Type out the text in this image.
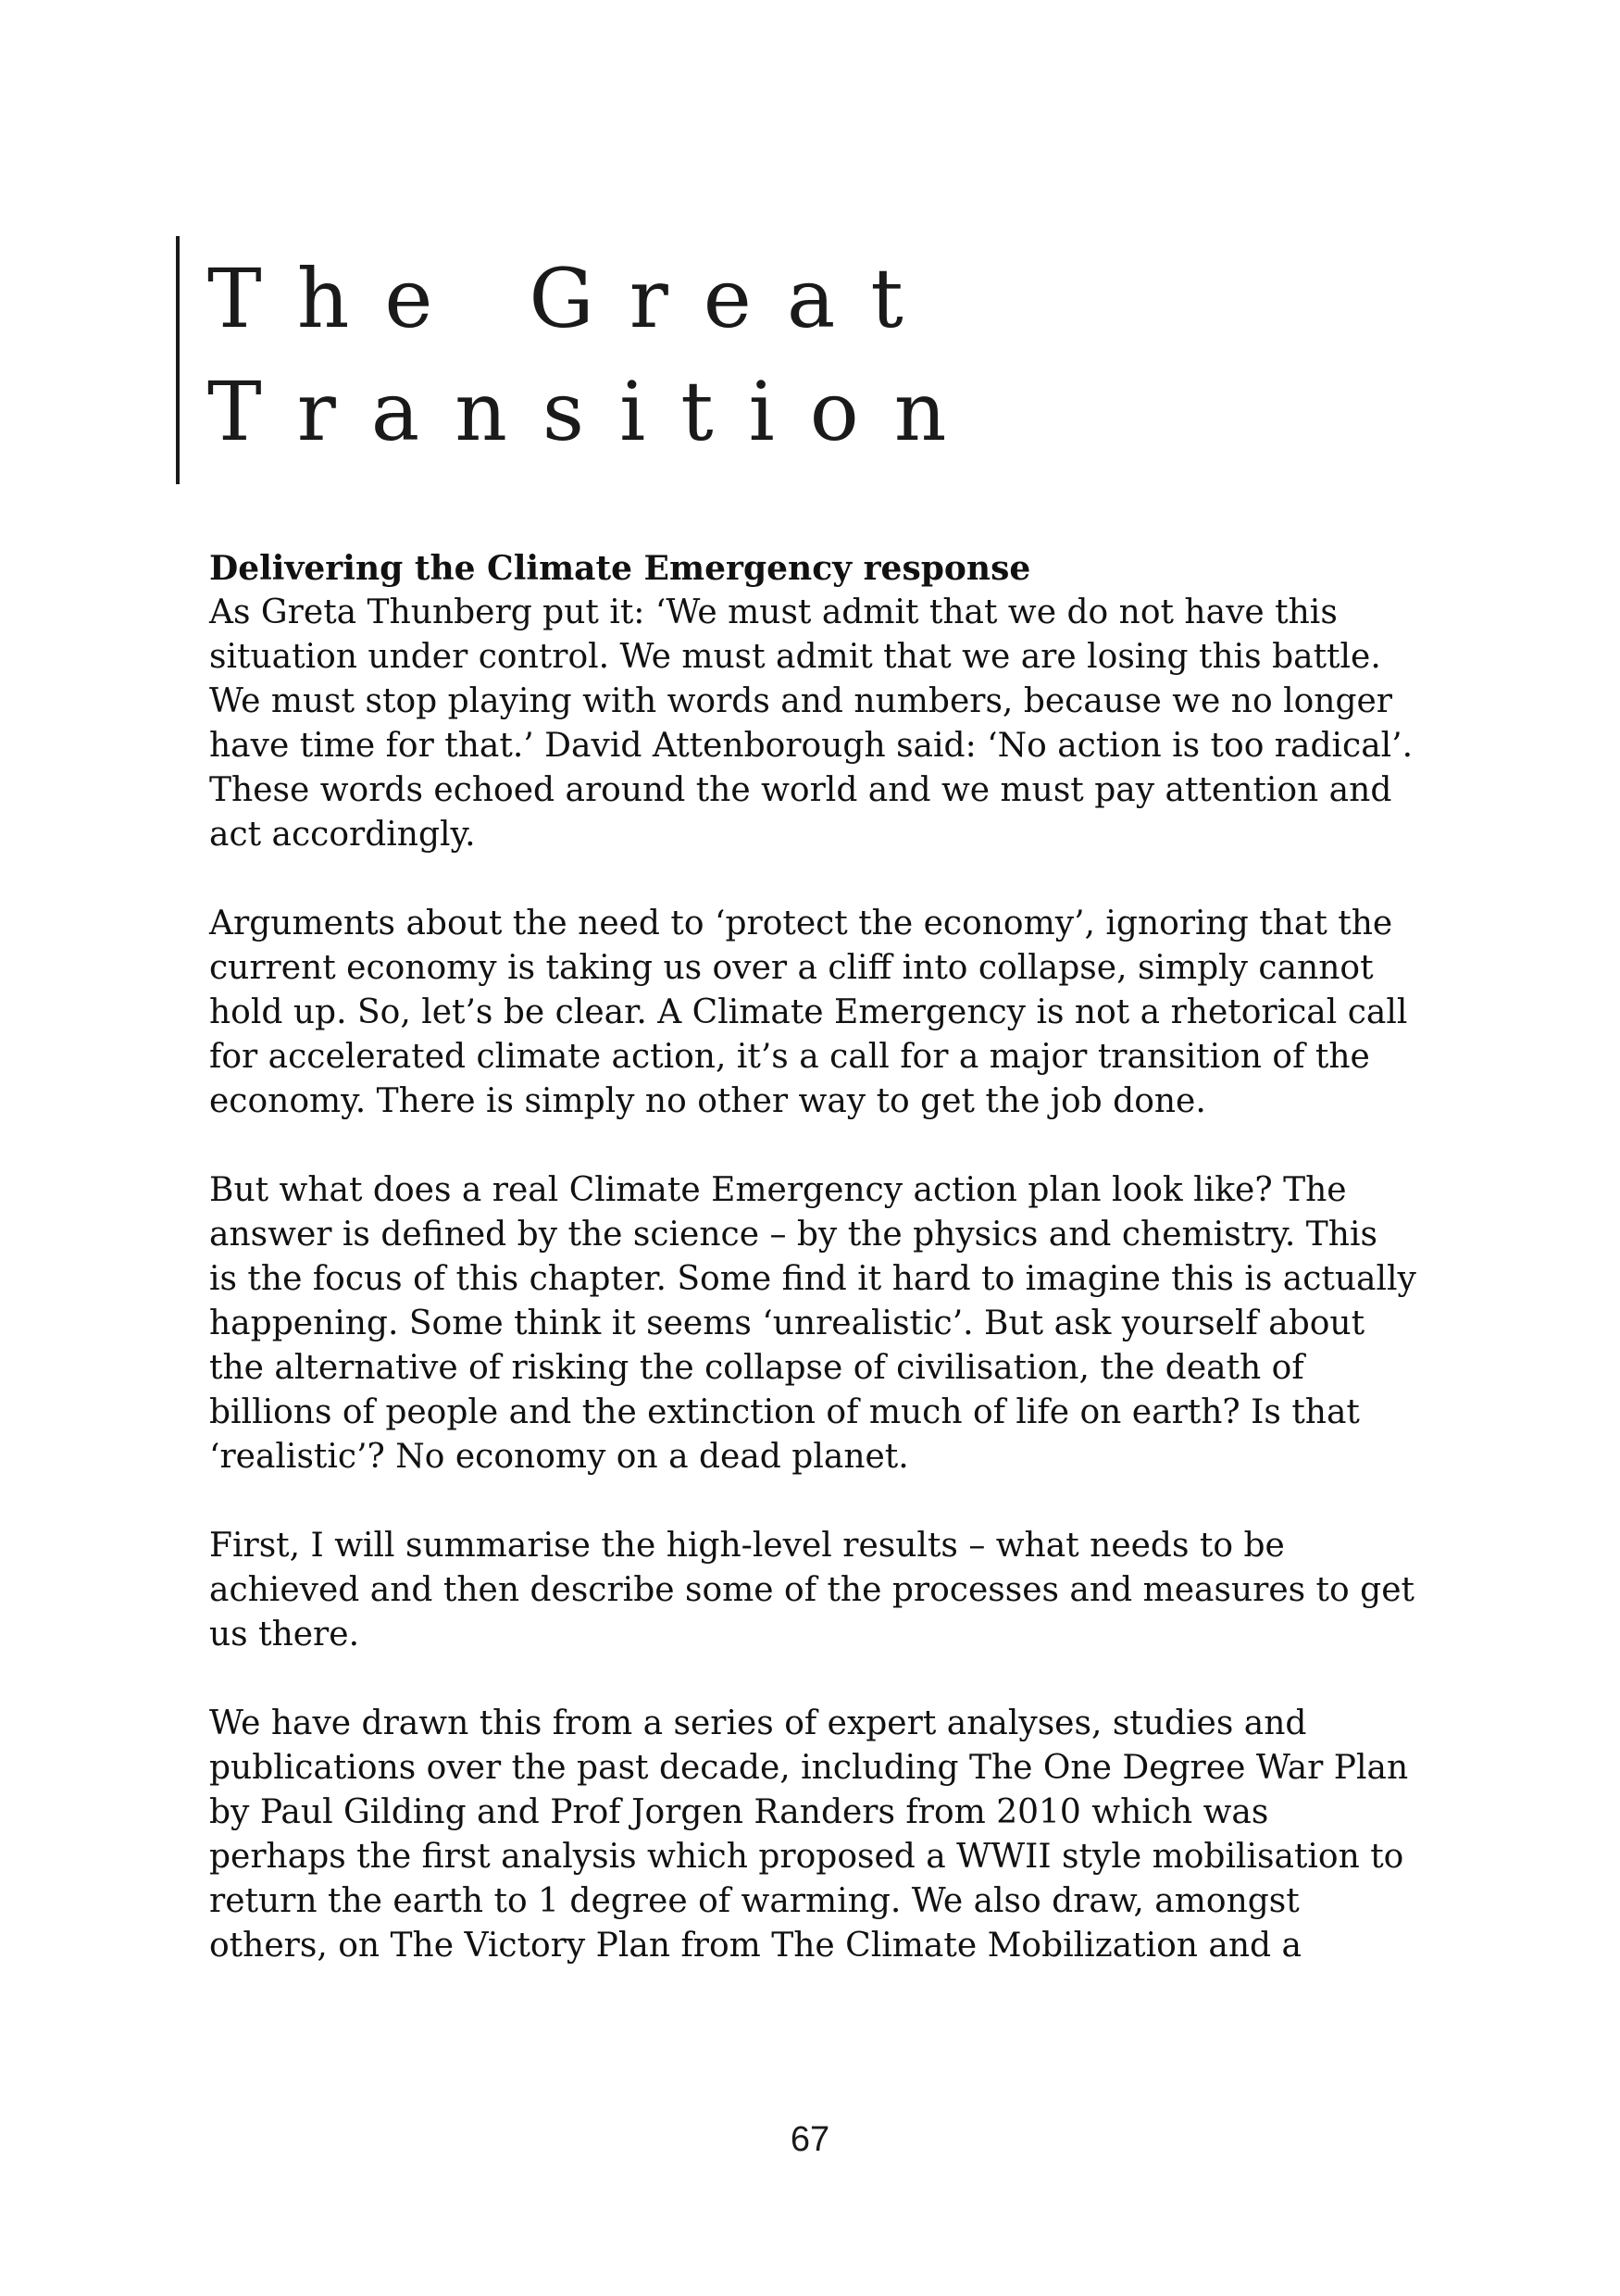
The Great
Transition
Delivering the Climate Emergency response

As Greta Thunberg put it: ‘We must admit that we do not have this
situation under control. We must admit that we are losing this battle.
We must stop playing with words and numbers, because we no longer
have time for that.’ David Attenborough said: ‘No action is too radical’.
These words echoed around the world and we must pay attention and
act accordingly.

Arguments about the need to ‘protect the economy’, ignoring that the
current economy is taking us over a cliff into collapse, simply cannot
hold up. So, let’s be clear. A Climate Emergency is not a rhetorical call
for accelerated climate action, it’s a call for a major transition of the
economy. There is simply no other way to get the job done.

But what does a real Climate Emergency action plan look like? The
answer is defined by the science – by the physics and chemistry. This
is the focus of this chapter. Some find it hard to imagine this is actually
happening. Some think it seems ‘unrealistic’. But ask yourself about
the alternative of risking the collapse of civilisation, the death of
billions of people and the extinction of much of life on earth? Is that
‘realistic’? No economy on a dead planet.

First, I will summarise the high-level results – what needs to be
achieved and then describe some of the processes and measures to get
us there.

We have drawn this from a series of expert analyses, studies and
publications over the past decade, including The One Degree War Plan
by Paul Gilding and Prof Jorgen Randers from 2010 which was
perhaps the first analysis which proposed a WWII style mobilisation to
return the earth to 1 degree of warming. We also draw, amongst
others, on The Victory Plan from The Climate Mobilization and a

67
